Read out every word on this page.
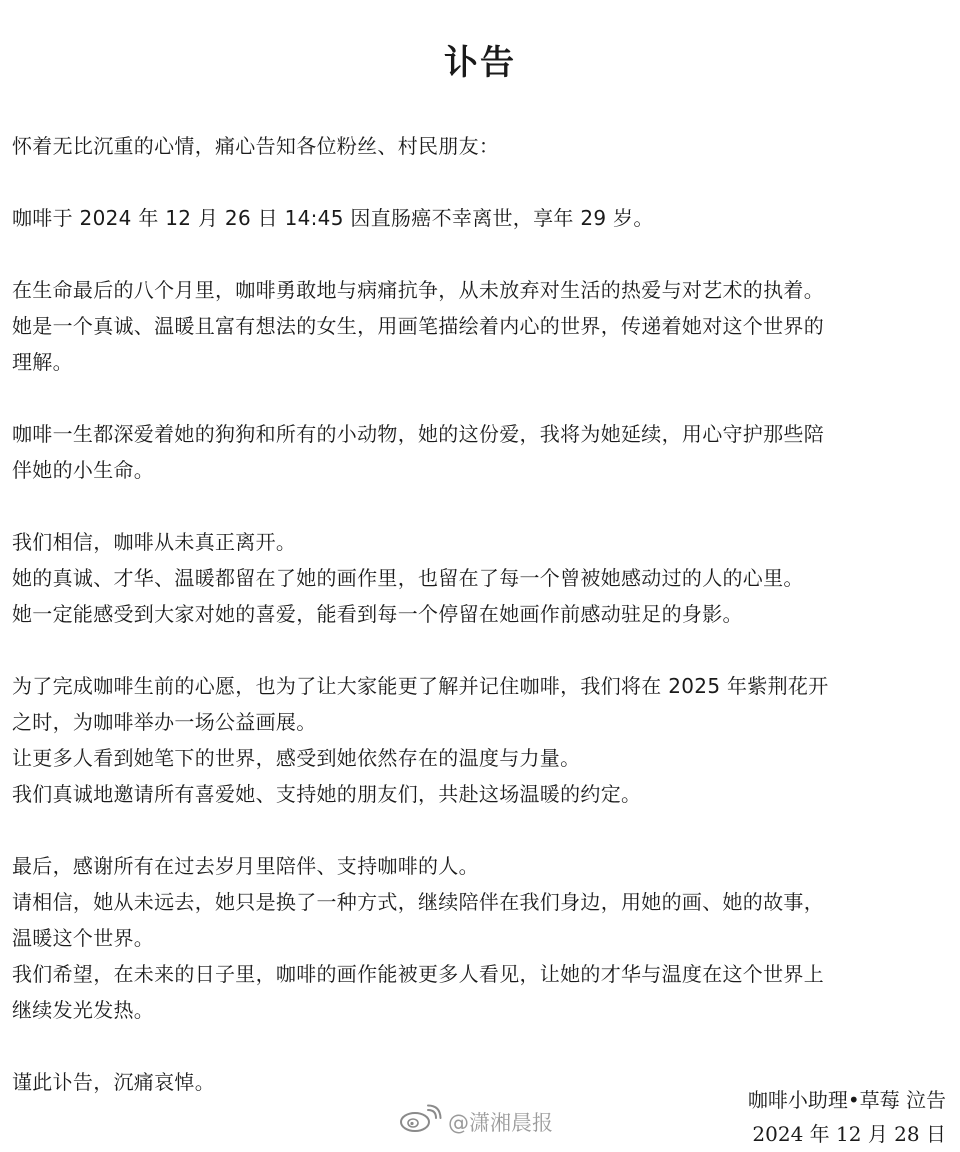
讣告
怀着无比沉重的心情，痛心告知各位粉丝、村民朋友：
咖啡于 2024 年 12 月 26 日 14:45 因直肠癌不幸离世，享年 29 岁。
在生命最后的八个月里，咖啡勇敢地与病痛抗争，从未放弃对生活的热爱与对艺术的执着。
她是一个真诚、温暖且富有想法的女生，用画笔描绘着内心的世界，传递着她对这个世界的
理解。
咖啡一生都深爱着她的狗狗和所有的小动物，她的这份爱，我将为她延续，用心守护那些陪
伴她的小生命。
我们相信，咖啡从未真正离开。
她的真诚、才华、温暖都留在了她的画作里，也留在了每一个曾被她感动过的人的心里。
她一定能感受到大家对她的喜爱，能看到每一个停留在她画作前感动驻足的身影。
为了完成咖啡生前的心愿，也为了让大家能更了解并记住咖啡，我们将在 2025 年紫荆花开
之时，为咖啡举办一场公益画展。
让更多人看到她笔下的世界，感受到她依然存在的温度与力量。
我们真诚地邀请所有喜爱她、支持她的朋友们，共赴这场温暖的约定。
最后，感谢所有在过去岁月里陪伴、支持咖啡的人。
请相信，她从未远去，她只是换了一种方式，继续陪伴在我们身边，用她的画、她的故事，
温暖这个世界。
我们希望，在未来的日子里，咖啡的画作能被更多人看见，让她的才华与温度在这个世界上
继续发光发热。
谨此讣告，沉痛哀悼。
@潇湘晨报
咖啡小助理•草莓 泣告
2024 年 12 月 28 日
